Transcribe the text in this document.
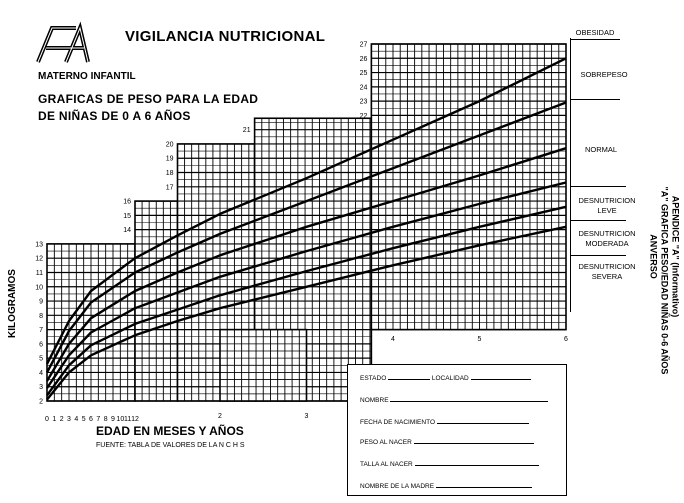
VIGILANCIA NUTRICIONAL
MATERNO INFANTIL
GRAFICAS DE PESO PARA LA EDAD
DE NIÑAS DE 0 A 6 AÑOS
0 1 2 3 4 5 6 7 8 9 10 11 12	2	3
4	5	6
2
3
4
5
6
7
8
9
10
11
12
13
14
15
16
17
18
19
20
21
22
23
24
25
26
27
OBESIDAD
SOBREPESO
NORMAL
DESNUTRICION
LEVE
DESNUTRICION
MODERADA
DESNUTRICION
SEVERA	APENDICE "A" (Informativo)
"A" GRAFICA PESO/EDAD NIÑAS 0-6 AÑOS
ANVERSO
KILOGRAMOS
EDAD EN MESES Y AÑOS
FUENTE: TABLA DE VALORES DE LA N C H S
ESTADO	LOCALIDAD
NOMBRE
FECHA DE NACIMIENTO
PESO AL NACER
TALLA AL NACER
NOMBRE DE LA MADRE
